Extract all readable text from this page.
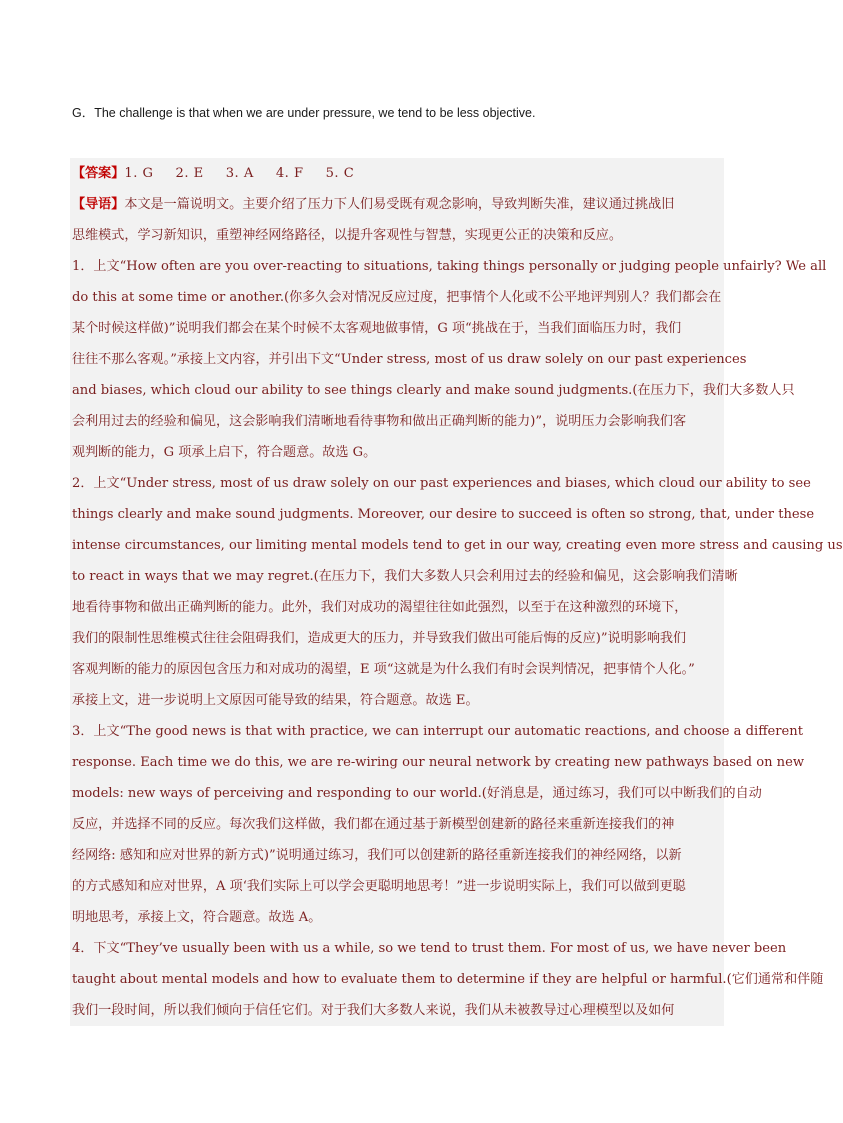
G．The challenge is that when we are under pressure, we tend to be less objective.
【答案】1. G 2. E 3. A 4. F 5. C
【导语】本文是一篇说明文。主要介绍了压力下人们易受既有观念影响，导致判断失准，建议通过挑战旧
思维模式，学习新知识，重塑神经网络路径，以提升客观性与智慧，实现更公正的决策和反应。
1．上文“How often are you over-reacting to situations, taking things personally or judging people unfairly? We all
do this at some time or another.(你多久会对情况反应过度，把事情个人化或不公平地评判别人？我们都会在
某个时候这样做)”说明我们都会在某个时候不太客观地做事情，G 项“挑战在于，当我们面临压力时，我们
往往不那么客观。”承接上文内容，并引出下文“Under stress, most of us draw solely on our past experiences
and biases, which cloud our ability to see things clearly and make sound judgments.(在压力下，我们大多数人只
会利用过去的经验和偏见，这会影响我们清晰地看待事物和做出正确判断的能力)”，说明压力会影响我们客
观判断的能力，G 项承上启下，符合题意。故选 G。
2．上文“Under stress, most of us draw solely on our past experiences and biases, which cloud our ability to see
things clearly and make sound judgments. Moreover, our desire to succeed is often so strong, that, under these
intense circumstances, our limiting mental models tend to get in our way, creating even more stress and causing us
to react in ways that we may regret.(在压力下，我们大多数人只会利用过去的经验和偏见，这会影响我们清晰
地看待事物和做出正确判断的能力。此外，我们对成功的渴望往往如此强烈，以至于在这种激烈的环境下，
我们的限制性思维模式往往会阻碍我们，造成更大的压力，并导致我们做出可能后悔的反应)”说明影响我们
客观判断的能力的原因包含压力和对成功的渴望，E 项“这就是为什么我们有时会误判情况，把事情个人化。”
承接上文，进一步说明上文原因可能导致的结果，符合题意。故选 E。
3．上文“The good news is that with practice, we can interrupt our automatic reactions, and choose a different
response. Each time we do this, we are re-wiring our neural network by creating new pathways based on new
models: new ways of perceiving and responding to our world.(好消息是，通过练习，我们可以中断我们的自动
反应，并选择不同的反应。每次我们这样做，我们都在通过基于新模型创建新的路径来重新连接我们的神
经网络: 感知和应对世界的新方式)”说明通过练习，我们可以创建新的路径重新连接我们的神经网络，以新
的方式感知和应对世界，A 项‘我们实际上可以学会更聪明地思考！”进一步说明实际上，我们可以做到更聪
明地思考，承接上文，符合题意。故选 A。
4．下文“They’ve usually been with us a while, so we tend to trust them. For most of us, we have never been
taught about mental models and how to evaluate them to determine if they are helpful or harmful.(它们通常和伴随
我们一段时间，所以我们倾向于信任它们。对于我们大多数人来说，我们从未被教导过心理模型以及如何
